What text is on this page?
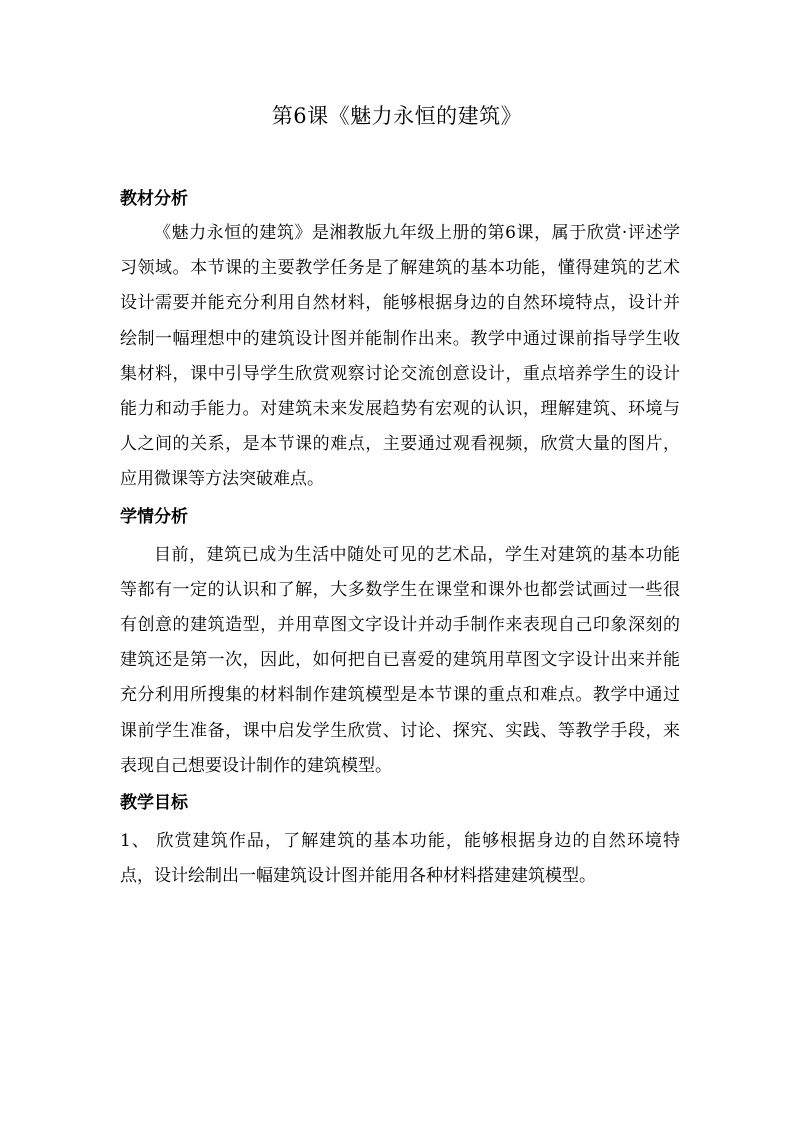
第6课《魅力永恒的建筑》
教材分析

《魅力永恒的建筑》是湘教版九年级上册的第6课，属于欣赏·评述学习领域。本节课的主要教学任务是了解建筑的基本功能，懂得建筑的艺术设计需要并能充分利用自然材料，能够根据身边的自然环境特点，设计并绘制一幅理想中的建筑设计图并能制作出来。教学中通过课前指导学生收集材料，课中引导学生欣赏观察讨论交流创意设计，重点培养学生的设计能力和动手能力。对建筑未来发展趋势有宏观的认识，理解建筑、环境与人之间的关系，是本节课的难点，主要通过观看视频，欣赏大量的图片，应用微课等方法突破难点。

学情分析

目前，建筑已成为生活中随处可见的艺术品，学生对建筑的基本功能等都有一定的认识和了解，大多数学生在课堂和课外也都尝试画过一些很有创意的建筑造型，并用草图文字设计并动手制作来表现自己印象深刻的建筑还是第一次，因此，如何把自已喜爱的建筑用草图文字设计出来并能充分利用所搜集的材料制作建筑模型是本节课的重点和难点。教学中通过课前学生准备，课中启发学生欣赏、讨论、探究、实践、等教学手段，来表现自己想要设计制作的建筑模型。

教学目标

1、 欣赏建筑作品，了解建筑的基本功能，能够根据身边的自然环境特点，设计绘制出一幅建筑设计图并能用各种材料搭建建筑模型。
